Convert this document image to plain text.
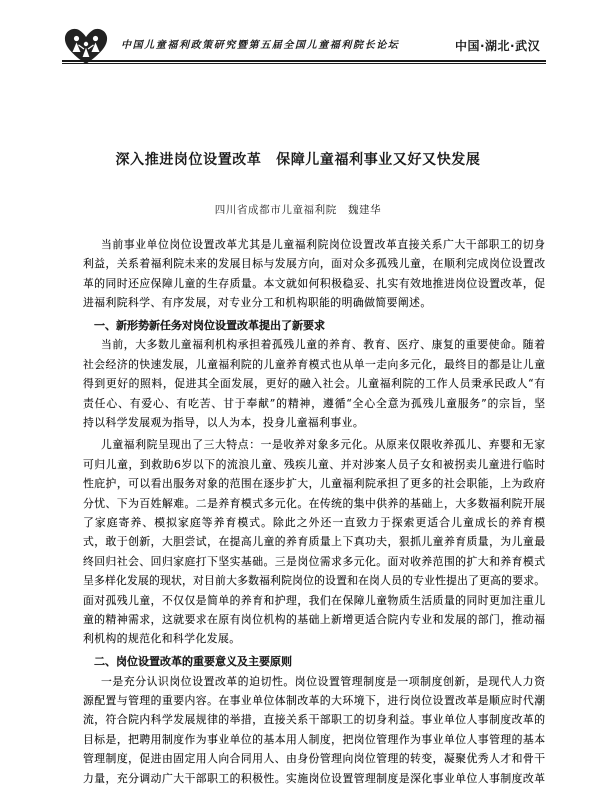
中国儿童福利政策研究暨第五届全国儿童福利院长论坛	中国·湖北·武汉
深入推进岗位设置改革　保障儿童福利事业又好又快发展
四川省成都市儿童福利院　魏建华
当前事业单位岗位设置改革尤其是儿童福利院岗位设置改革直接关系广大干部职工的切身
利益，关系着福利院未来的发展目标与发展方向，面对众多孤残儿童，在顺利完成岗位设置改
革的同时还应保障儿童的生存质量。本文就如何积极稳妥、扎实有效地推进岗位设置改革，促
进福利院科学、有序发展，对专业分工和机构职能的明确做简要阐述。
一、新形势新任务对岗位设置改革提出了新要求
当前，大多数儿童福利机构承担着孤残儿童的养育、教育、医疗、康复的重要使命。随着
社会经济的快速发展，儿童福利院的儿童养育模式也从单一走向多元化，最终目的都是让儿童
得到更好的照料，促进其全面发展，更好的融入社会。儿童福利院的工作人员秉承民政人“有
责任心、有爱心、有吃苦、甘于奉献”的精神，遵循“全心全意为孤残儿童服务”的宗旨，坚
持以科学发展观为指导，以人为本，投身儿童福利事业。
儿童福利院呈现出了三大特点：一是收养对象多元化。从原来仅限收养孤儿、弃婴和无家
可归儿童，到救助6岁以下的流浪儿童、残疾儿童、并对涉案人员子女和被拐卖儿童进行临时
性庇护，可以看出服务对象的范围在逐步扩大，儿童福利院承担了更多的社会职能，上为政府
分忧、下为百姓解难。二是养育模式多元化。在传统的集中供养的基础上，大多数福利院开展
了家庭寄养、模拟家庭等养育模式。除此之外还一直致力于探索更适合儿童成长的养育模
式，敢于创新，大胆尝试，在提高儿童的养育质量上下真功夫，狠抓儿童养育质量，为儿童最
终回归社会、回归家庭打下坚实基础。三是岗位需求多元化。面对收养范围的扩大和养育模式
呈多样化发展的现状，对目前大多数福利院岗位的设置和在岗人员的专业性提出了更高的要求。
面对孤残儿童，不仅仅是简单的养育和护理，我们在保障儿童物质生活质量的同时更加注重儿
童的精神需求，这就要求在原有岗位机构的基础上新增更适合院内专业和发展的部门，推动福
利机构的规范化和科学化发展。
二、岗位设置改革的重要意义及主要原则
一是充分认识岗位设置改革的迫切性。岗位设置管理制度是一项制度创新，是现代人力资
源配置与管理的重要内容。在事业单位体制改革的大环境下，进行岗位设置改革是顺应时代潮
流，符合院内科学发展规律的举措，直接关系干部职工的切身利益。事业单位人事制度改革的
目标是，把聘用制度作为事业单位的基本用人制度，把岗位管理作为事业单位人事管理的基本
管理制度，促进由固定用人向合同用人、由身份管理向岗位管理的转变，凝聚优秀人才和骨干
力量，充分调动广大干部职工的积极性。实施岗位设置管理制度是深化事业单位人事制度改革
